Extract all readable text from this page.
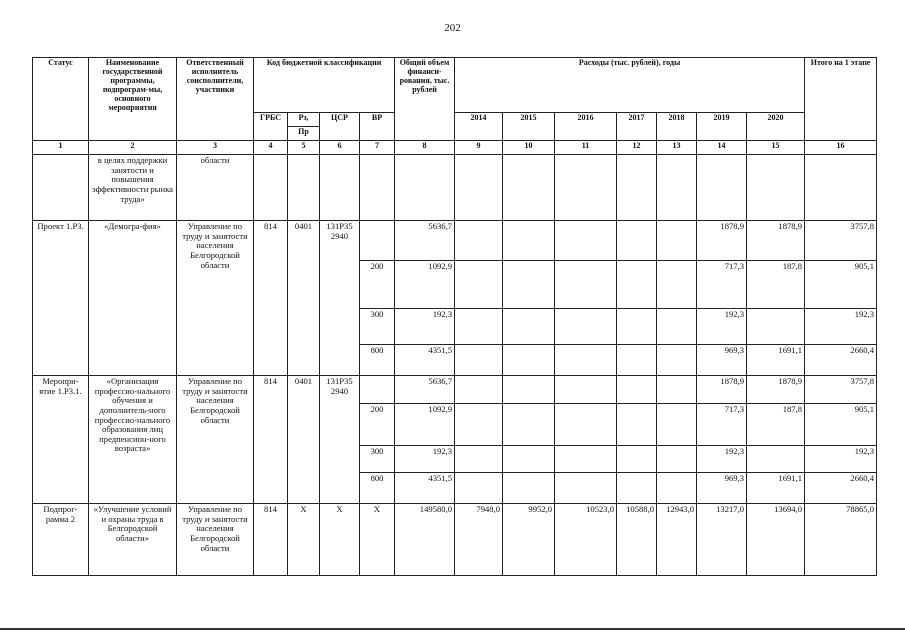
202
Статус	Наименование государственной программы, подпрограм-мы, основного мероприятия	Ответственный исполнитель соисполнители, участники	Код бюджетной классификации				Общий объем финанси-рования, тыс. рублей	Расходы (тыс. рублей), годы							Итого на 1 этапе
			ГРБС	Рз,	ЦСР	ВР		2014	2015	2016	2017	2018	2019	2020	
				Пр											
1	2	3	4	5	6	7	8	9	10	11	12	13	14	15	16
	в целях поддержки занятости и повышения эффективности рынка труда»	области													
Проект 1.Р3.	«Демогра-фия»	Управление по труду и занятости населения Белгородской области	814	0401	131Р35 2940		5636,7						1878,9	1878,9	3757,8
						200	1092,9						717,3	187,8	905,1
						300	192,3						192,3		192,3
						800	4351,5						969,3	1691,1	2660,4
Меропри-ятие 1.Р3.1.	«Организация профессио-нального обучения и дополнитель-ного профессио-нального образования лиц предпенсион-ного возраста»	Управление по труду и занятости населения Белгородской области	814	0401	131Р35 2940		5636,7						1878,9	1878,9	3757,8
						200	1092,9						717,3	187,8	905,1
						300	192,3						192,3		192,3
						800	4351,5						969,3	1691,1	2660,4
Подпрог-рамма 2	«Улучшение условий и охраны труда в Белгородской области»	Управление по труду и занятости населения Белгородской области	814	Х	Х	Х	149580,0	7948,0	9952,0	10523,0	10588,0	12943,0	13217,0	13694,0	78865,0
